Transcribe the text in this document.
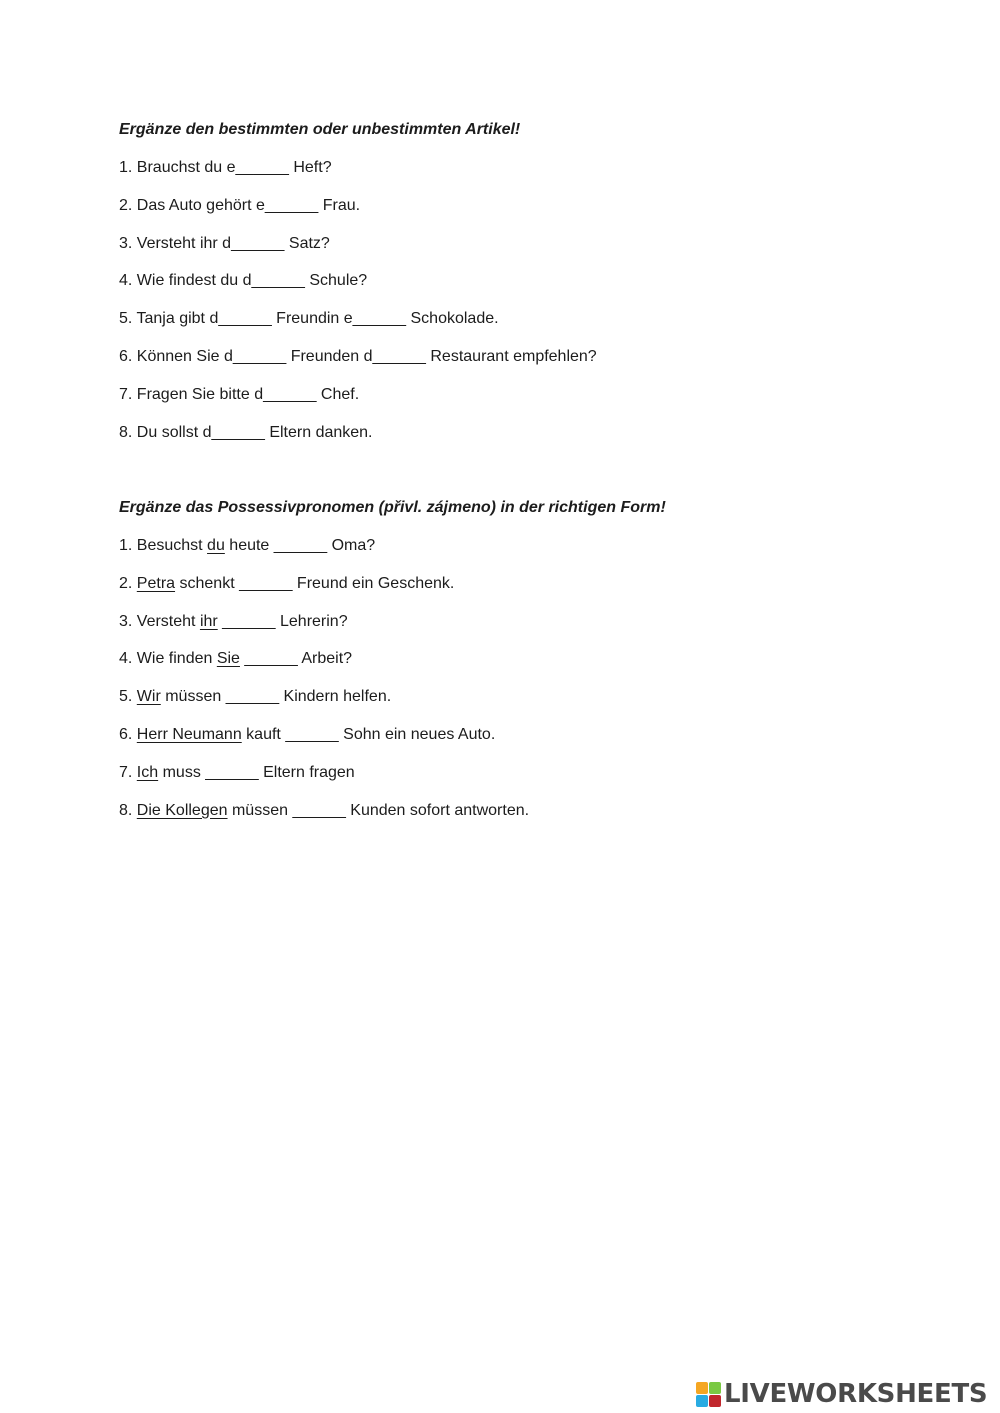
Ergänze den bestimmten oder unbestimmten Artikel!
1. Brauchst du e______ Heft?
2. Das Auto gehört e______ Frau.
3. Versteht ihr d______ Satz?
4. Wie findest du d______ Schule?
5. Tanja gibt d______ Freundin e______ Schokolade.
6. Können Sie d______ Freunden d______ Restaurant empfehlen?
7. Fragen Sie bitte d______ Chef.
8. Du sollst d______ Eltern danken.
Ergänze das Possessivpronomen (přivl. zájmeno) in der richtigen Form!
1. Besuchst du heute ______ Oma?
2. Petra schenkt ______ Freund ein Geschenk.
3. Versteht ihr ______ Lehrerin?
4. Wie finden Sie ______ Arbeit?
5. Wir müssen ______ Kindern helfen.
6. Herr Neumann kauft ______ Sohn ein neues Auto.
7. Ich muss ______ Eltern fragen
8. Die Kollegen müssen ______ Kunden sofort antworten.
LIVEWORKSHEETS
